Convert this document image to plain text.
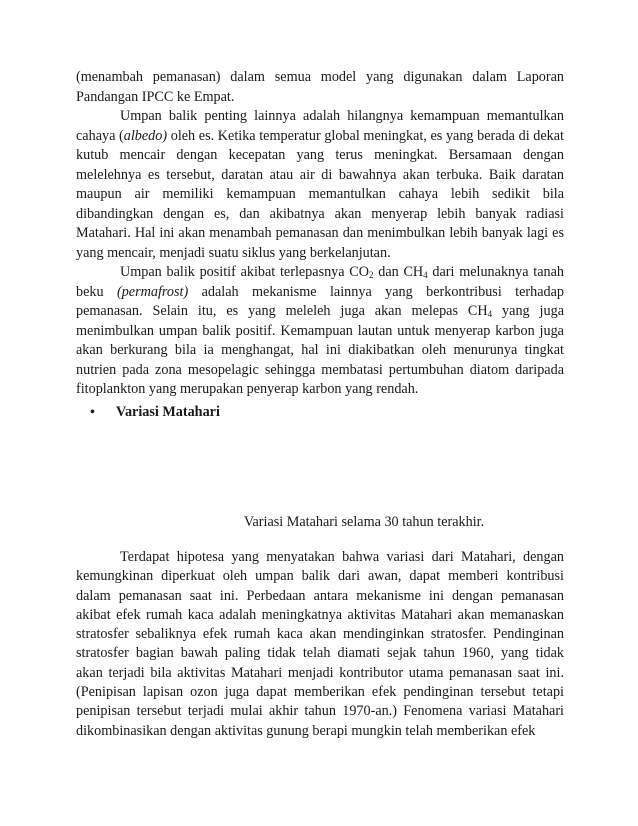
(menambah pemanasan) dalam semua model yang digunakan dalam Laporan Pandangan IPCC ke Empat.

Umpan balik penting lainnya adalah hilangnya kemampuan memantulkan cahaya (albedo) oleh es. Ketika temperatur global meningkat, es yang berada di dekat kutub mencair dengan kecepatan yang terus meningkat. Bersamaan dengan melelehnya es tersebut, daratan atau air di bawahnya akan terbuka. Baik daratan maupun air memiliki kemampuan memantulkan cahaya lebih sedikit bila dibandingkan dengan es, dan akibatnya akan menyerap lebih banyak radiasi Matahari. Hal ini akan menambah pemanasan dan menimbulkan lebih banyak lagi es yang mencair, menjadi suatu siklus yang berkelanjutan.

Umpan balik positif akibat terlepasnya $CO_2$ dan $CH_4$ dari melunaknya tanah beku (permafrost) adalah mekanisme lainnya yang berkontribusi terhadap pemanasan. Selain itu, es yang meleleh juga akan melepas $CH_4$ yang juga menimbulkan umpan balik positif. Kemampuan lautan untuk menyerap karbon juga akan berkurang bila ia menghangat, hal ini diakibatkan oleh menurunya tingkat nutrien pada zona mesopelagic sehingga membatasi pertumbuhan diatom daripada fitoplankton yang merupakan penyerap karbon yang rendah.

•	Variasi Matahari
Variasi Matahari selama 30 tahun terakhir.
Terdapat hipotesa yang menyatakan bahwa variasi dari Matahari, dengan
kemungkinan diperkuat oleh umpan balik dari awan, dapat memberi kontribusi
dalam pemanasan saat ini. Perbedaan antara mekanisme ini dengan pemanasan
akibat efek rumah kaca adalah meningkatnya aktivitas Matahari akan memanaskan
stratosfer sebaliknya efek rumah kaca akan mendinginkan stratosfer. Pendinginan
stratosfer bagian bawah paling tidak telah diamati sejak tahun 1960, yang tidak
akan terjadi bila aktivitas Matahari menjadi kontributor utama pemanasan saat ini.
(Penipisan lapisan ozon juga dapat memberikan efek pendinginan tersebut tetapi
penipisan tersebut terjadi mulai akhir tahun 1970-an.) Fenomena variasi Matahari
dikombinasikan dengan aktivitas gunung berapi mungkin telah memberikan efek
